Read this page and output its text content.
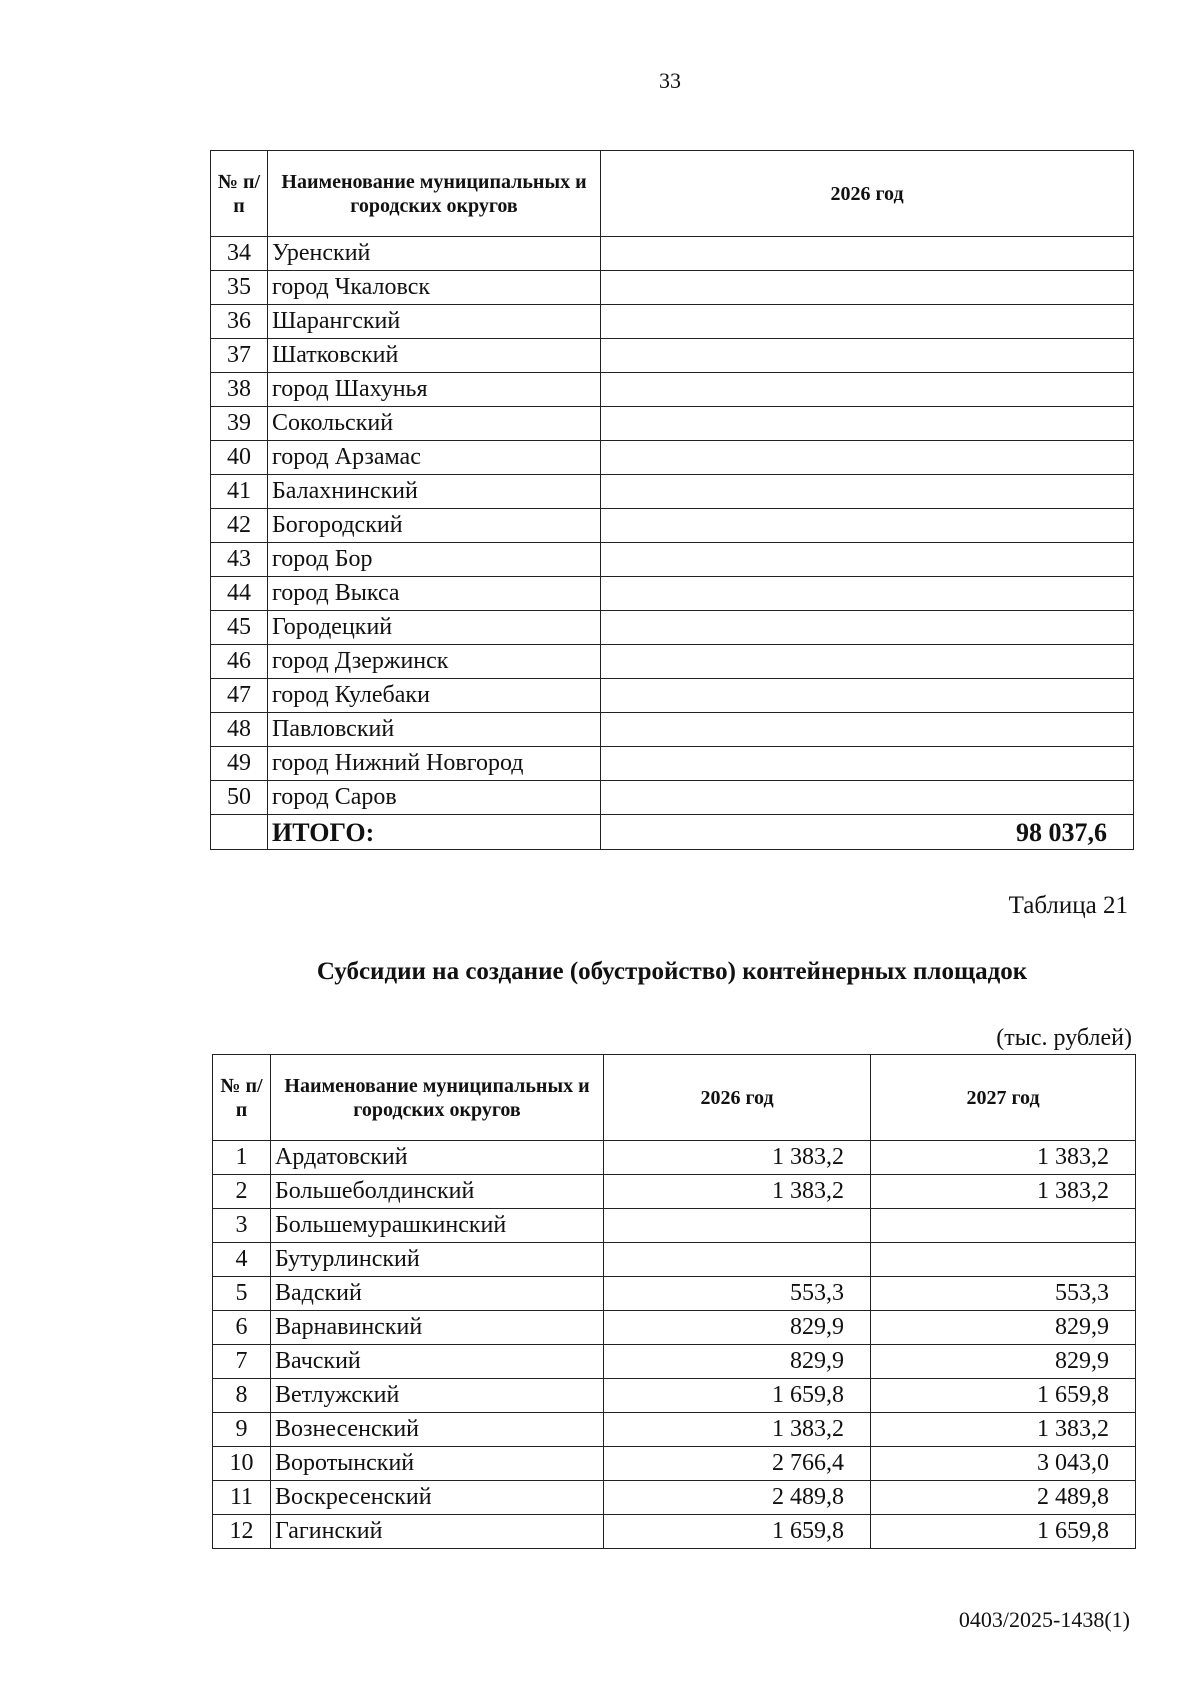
33
№ п/п	Наименование муниципальных и городских округов	2026 год
34	Уренский	
35	город Чкаловск	
36	Шарангский	
37	Шатковский	
38	город Шахунья	
39	Сокольский	
40	город Арзамас	
41	Балахнинский	
42	Богородский	
43	город Бор	
44	город Выкса	
45	Городецкий	
46	город Дзержинск	
47	город Кулебаки	
48	Павловский	
49	город Нижний Новгород	
50	город Саров	
	ИТОГО:	98 037,6
Таблица 21
Субсидии на создание (обустройство) контейнерных площадок
(тыс. рублей)
№ п/п	Наименование муниципальных и городских округов	2026 год	2027 год
1	Ардатовский	1 383,2	1 383,2
2	Большеболдинский	1 383,2	1 383,2
3	Большемурашкинский		
4	Бутурлинский		
5	Вадский	553,3	553,3
6	Варнавинский	829,9	829,9
7	Вачский	829,9	829,9
8	Ветлужский	1 659,8	1 659,8
9	Вознесенский	1 383,2	1 383,2
10	Воротынский	2 766,4	3 043,0
11	Воскресенский	2 489,8	2 489,8
12	Гагинский	1 659,8	1 659,8
0403/2025-1438(1)
